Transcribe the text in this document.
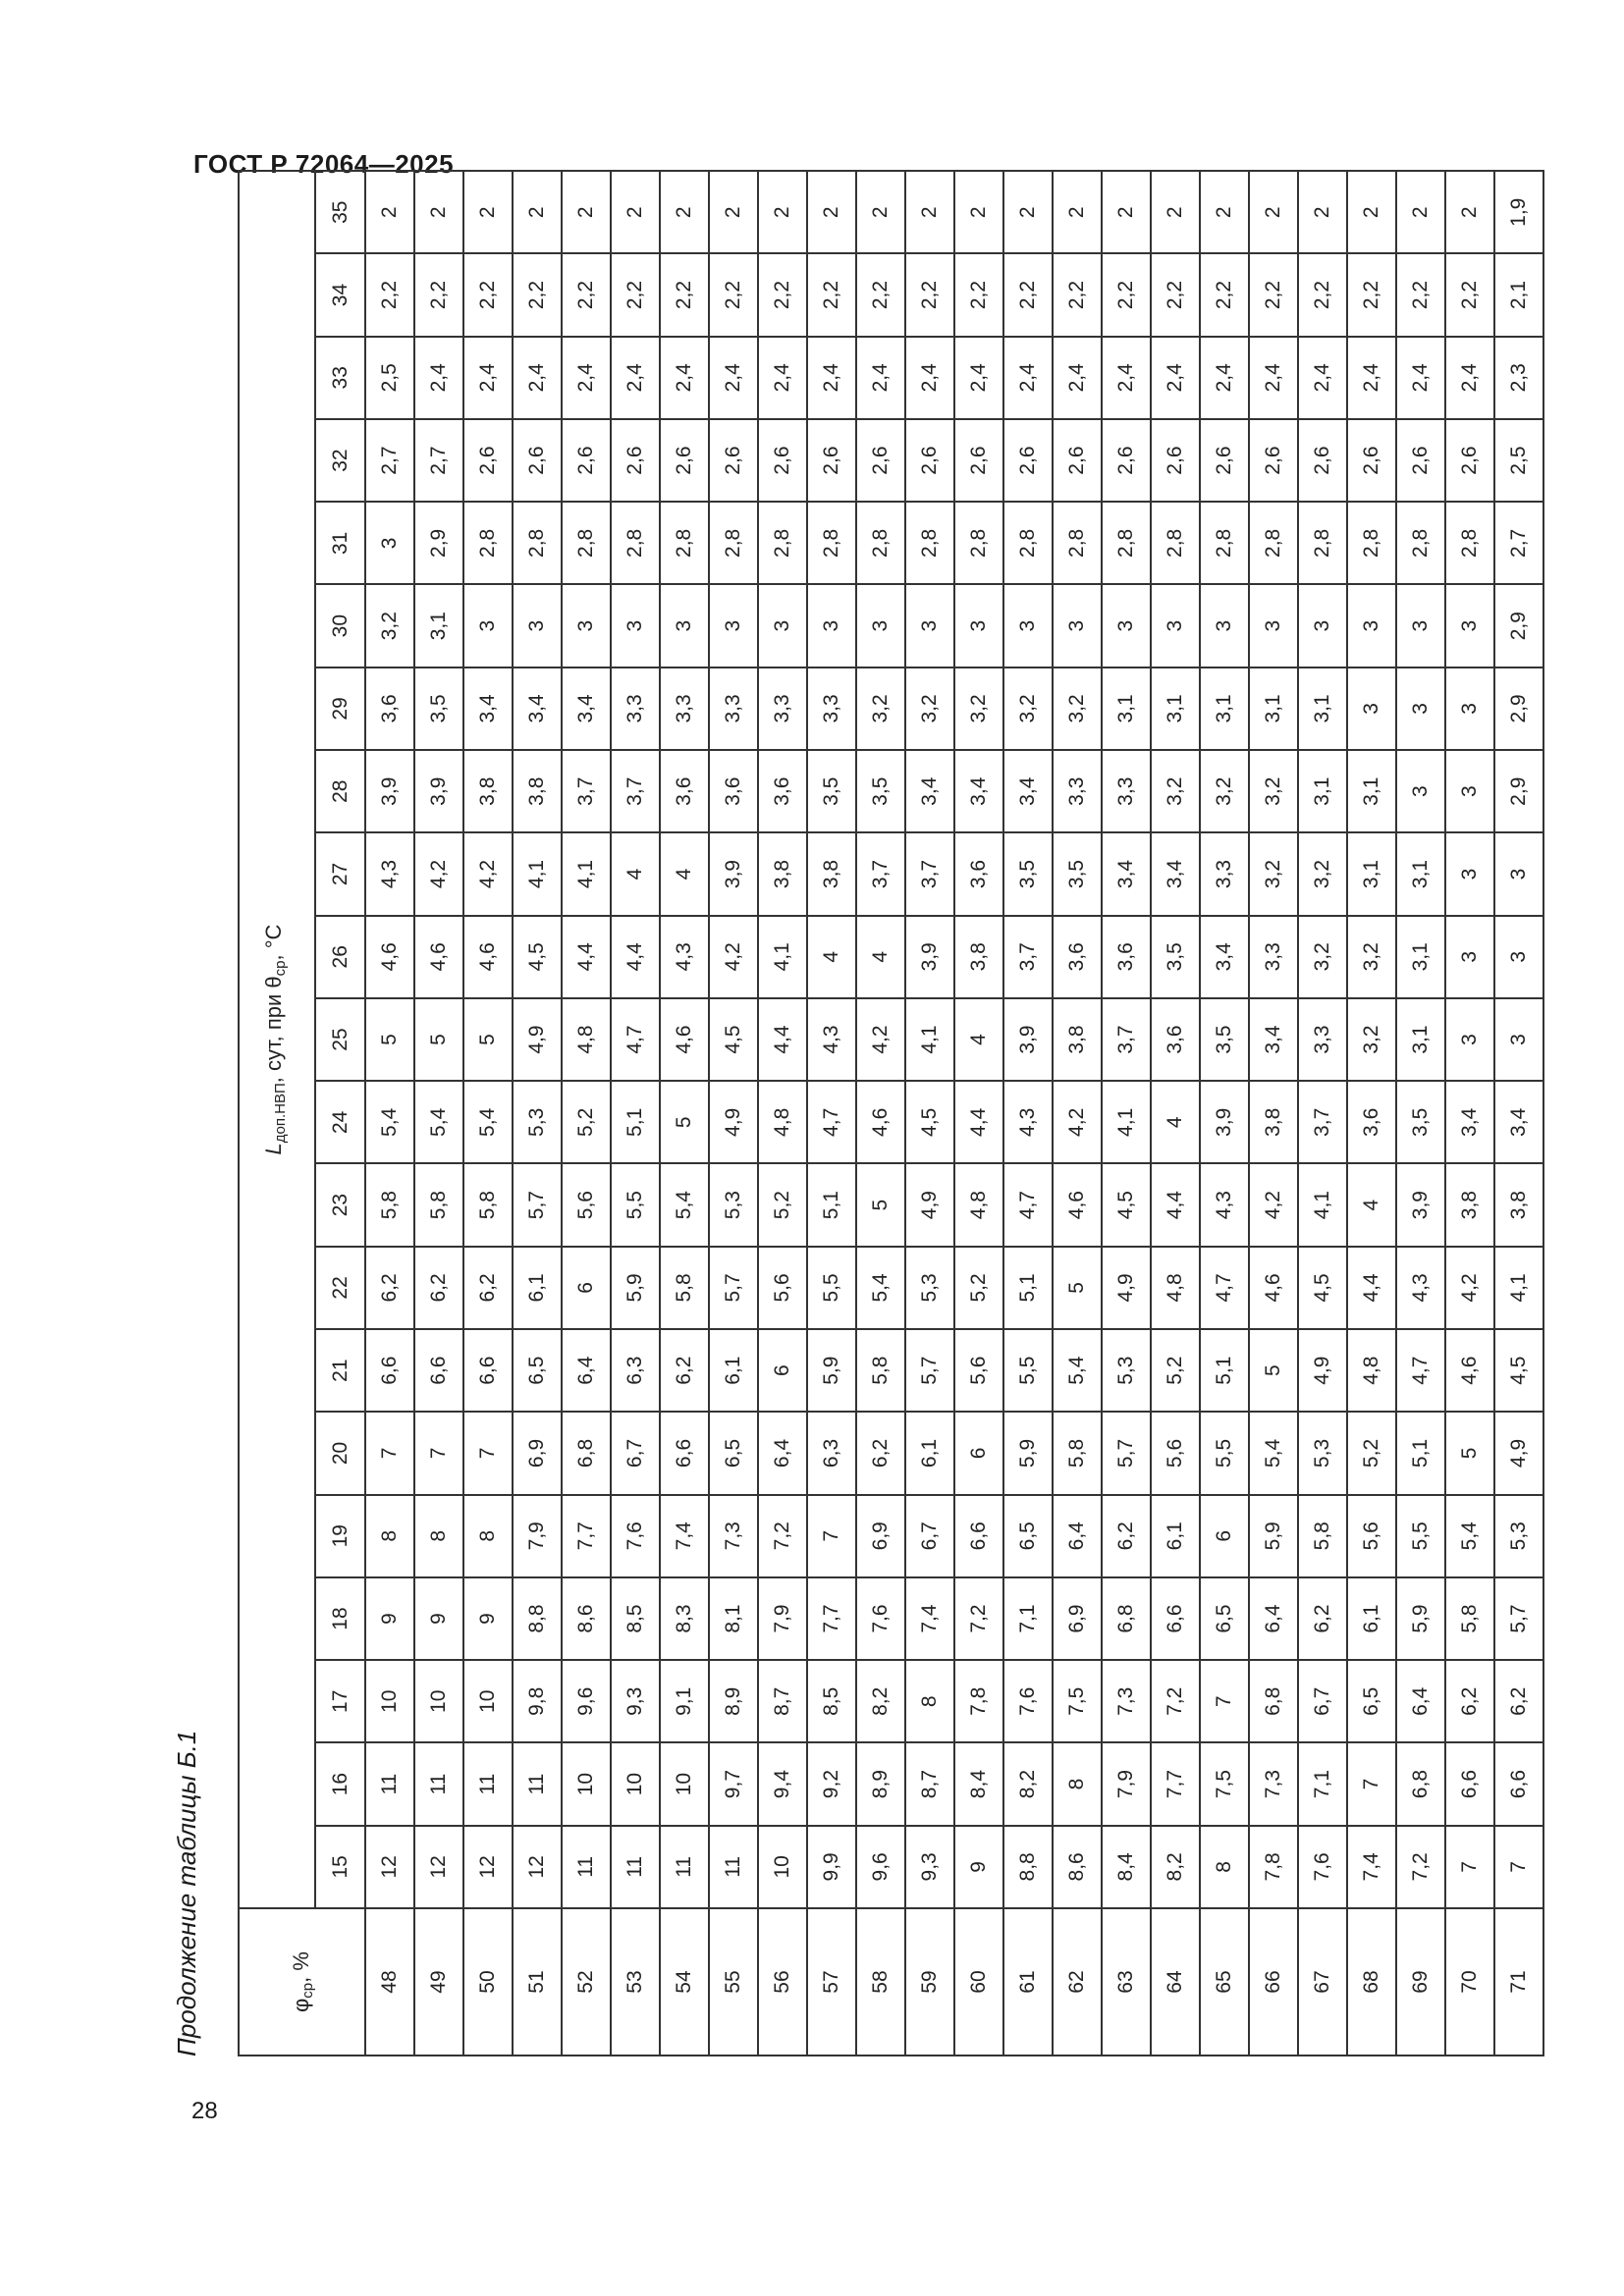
ГОСТ Р 72064—2025
28
Продолжение таблицы Б.1	$\varphi_{ср}$, %	$L_{доп.НВП}$, сут, при $\theta_{ср}$, °С																				
	15	16	17	18	19	20	21	22	23	24	25	26	27	28	29	30	31	32	33	34	35
48	12	11	10	9	8	7	6,6	6,2	5,8	5,4	5	4,6	4,3	3,9	3,6	3,2	3	2,7	2,5	2,2	2
49	12	11	10	9	8	7	6,6	6,2	5,8	5,4	5	4,6	4,2	3,9	3,5	3,1	2,9	2,7	2,4	2,2	2
50	12	11	10	9	8	7	6,6	6,2	5,8	5,4	5	4,6	4,2	3,8	3,4	3	2,8	2,6	2,4	2,2	2
51	12	11	9,8	8,8	7,9	6,9	6,5	6,1	5,7	5,3	4,9	4,5	4,1	3,8	3,4	3	2,8	2,6	2,4	2,2	2
52	11	10	9,6	8,6	7,7	6,8	6,4	6	5,6	5,2	4,8	4,4	4,1	3,7	3,4	3	2,8	2,6	2,4	2,2	2
53	11	10	9,3	8,5	7,6	6,7	6,3	5,9	5,5	5,1	4,7	4,4	4	3,7	3,3	3	2,8	2,6	2,4	2,2	2
54	11	10	9,1	8,3	7,4	6,6	6,2	5,8	5,4	5	4,6	4,3	4	3,6	3,3	3	2,8	2,6	2,4	2,2	2
55	11	9,7	8,9	8,1	7,3	6,5	6,1	5,7	5,3	4,9	4,5	4,2	3,9	3,6	3,3	3	2,8	2,6	2,4	2,2	2
56	10	9,4	8,7	7,9	7,2	6,4	6	5,6	5,2	4,8	4,4	4,1	3,8	3,6	3,3	3	2,8	2,6	2,4	2,2	2
57	9,9	9,2	8,5	7,7	7	6,3	5,9	5,5	5,1	4,7	4,3	4	3,8	3,5	3,3	3	2,8	2,6	2,4	2,2	2
58	9,6	8,9	8,2	7,6	6,9	6,2	5,8	5,4	5	4,6	4,2	4	3,7	3,5	3,2	3	2,8	2,6	2,4	2,2	2
59	9,3	8,7	8	7,4	6,7	6,1	5,7	5,3	4,9	4,5	4,1	3,9	3,7	3,4	3,2	3	2,8	2,6	2,4	2,2	2
60	9	8,4	7,8	7,2	6,6	6	5,6	5,2	4,8	4,4	4	3,8	3,6	3,4	3,2	3	2,8	2,6	2,4	2,2	2
61	8,8	8,2	7,6	7,1	6,5	5,9	5,5	5,1	4,7	4,3	3,9	3,7	3,5	3,4	3,2	3	2,8	2,6	2,4	2,2	2
62	8,6	8	7,5	6,9	6,4	5,8	5,4	5	4,6	4,2	3,8	3,6	3,5	3,3	3,2	3	2,8	2,6	2,4	2,2	2
63	8,4	7,9	7,3	6,8	6,2	5,7	5,3	4,9	4,5	4,1	3,7	3,6	3,4	3,3	3,1	3	2,8	2,6	2,4	2,2	2
64	8,2	7,7	7,2	6,6	6,1	5,6	5,2	4,8	4,4	4	3,6	3,5	3,4	3,2	3,1	3	2,8	2,6	2,4	2,2	2
65	8	7,5	7	6,5	6	5,5	5,1	4,7	4,3	3,9	3,5	3,4	3,3	3,2	3,1	3	2,8	2,6	2,4	2,2	2
66	7,8	7,3	6,8	6,4	5,9	5,4	5	4,6	4,2	3,8	3,4	3,3	3,2	3,2	3,1	3	2,8	2,6	2,4	2,2	2
67	7,6	7,1	6,7	6,2	5,8	5,3	4,9	4,5	4,1	3,7	3,3	3,2	3,2	3,1	3,1	3	2,8	2,6	2,4	2,2	2
68	7,4	7	6,5	6,1	5,6	5,2	4,8	4,4	4	3,6	3,2	3,2	3,1	3,1	3	3	2,8	2,6	2,4	2,2	2
69	7,2	6,8	6,4	5,9	5,5	5,1	4,7	4,3	3,9	3,5	3,1	3,1	3,1	3	3	3	2,8	2,6	2,4	2,2	2
70	7	6,6	6,2	5,8	5,4	5	4,6	4,2	3,8	3,4	3	3	3	3	3	3	2,8	2,6	2,4	2,2	2
71	7	6,6	6,2	5,7	5,3	4,9	4,5	4,1	3,8	3,4	3	3	3	2,9	2,9	2,9	2,7	2,5	2,3	2,1	1,9
